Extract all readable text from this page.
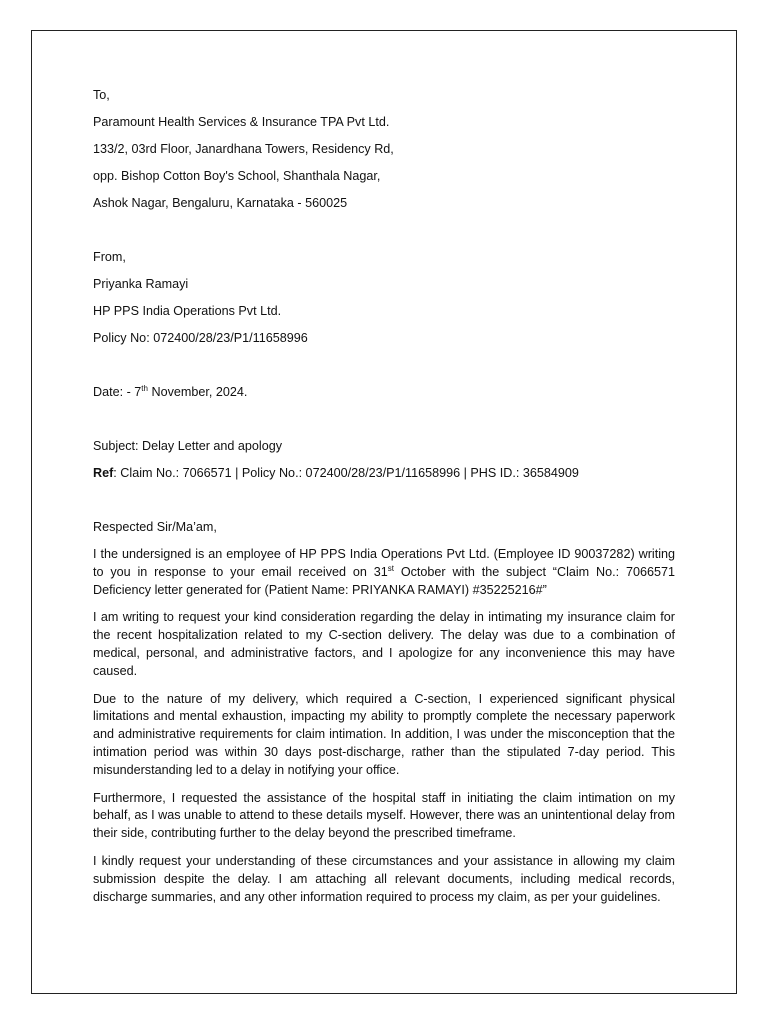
To,

Paramount Health Services & Insurance TPA Pvt Ltd.

133/2, 03rd Floor, Janardhana Towers, Residency Rd,

opp. Bishop Cotton Boy's School, Shanthala Nagar,

Ashok Nagar, Bengaluru, Karnataka - 560025

From,

Priyanka Ramayi

HP PPS India Operations Pvt Ltd.

Policy No: 072400/28/23/P1/11658996

Date: - 7th November, 2024.

Subject: Delay Letter and apology

Ref: Claim No.: 7066571 | Policy No.: 072400/28/23/P1/11658996 | PHS ID.: 36584909

Respected Sir/Ma’am,

I the undersigned is an employee of HP PPS India Operations Pvt Ltd. (Employee ID 90037282) writing to you in response to your email received on 31st October with the subject “Claim No.: 7066571 Deficiency letter generated for (Patient Name: PRIYANKA RAMAYI) #35225216#”

I am writing to request your kind consideration regarding the delay in intimating my insurance claim for the recent hospitalization related to my C-section delivery. The delay was due to a combination of medical, personal, and administrative factors, and I apologize for any inconvenience this may have caused.

Due to the nature of my delivery, which required a C-section, I experienced significant physical limitations and mental exhaustion, impacting my ability to promptly complete the necessary paperwork and administrative requirements for claim intimation. In addition, I was under the misconception that the intimation period was within 30 days post-discharge, rather than the stipulated 7-day period. This misunderstanding led to a delay in notifying your office.

Furthermore, I requested the assistance of the hospital staff in initiating the claim intimation on my behalf, as I was unable to attend to these details myself. However, there was an unintentional delay from their side, contributing further to the delay beyond the prescribed timeframe.

I kindly request your understanding of these circumstances and your assistance in allowing my claim submission despite the delay. I am attaching all relevant documents, including medical records, discharge summaries, and any other information required to process my claim, as per your guidelines.
